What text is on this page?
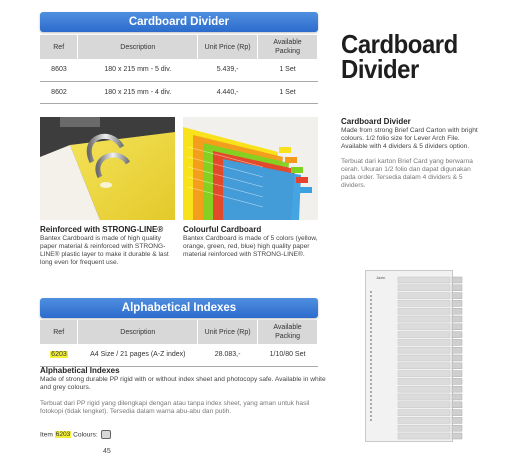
Cardboard Divider
Ref	Description	Unit Price (Rp)	Available Packing
8603	180 x 215 mm - 5 div.	5.439,-	1 Set
8602	180 x 215 mm - 4 div.	4.440,-	1 Set
Cardboard
Divider
Cardboard Divider
Made from strong Brief Card Carton with bright colours. 1/2 folio size for Lever Arch File. Available with 4 dividers & 5 dividers option.
Terbuat dari karton Brief Card yang berwarna cerah. Ukuran 1/2 folio dan dapat digunakan pada order. Tersedia dalam 4 dividers & 5 dividers.
Reinforced with STRONG-LINE®
Bantex Cardboard is made of high quality paper material & reinforced with STRONG-LINE® plastic layer to make it durable & last long even for frequent use.
Colourful Cardboard
Bantex Cardboard is made of 5 colors (yellow, orange, green, red, blue) high quality paper material reinforced with STRONG-LINE®.
Alphabetical Indexes
Ref	Description	Unit Price (Rp)	Available Packing
6203	A4 Size / 21 pages (A-Z index)	28.083,-	1/10/80 Set
Alphabetical Indexes
Made of strong durable PP rigid with or without index sheet and photocopy safe. Available in white and grey colours.
Terbuat dari PP rigid yang dilengkapi dengan atau tanpa index sheet, yang aman untuk hasil fotokopi (tidak lengket). Tersedia dalam warna abu-abu dan putih.
Item 6203 Colours:
45
Jaxin
